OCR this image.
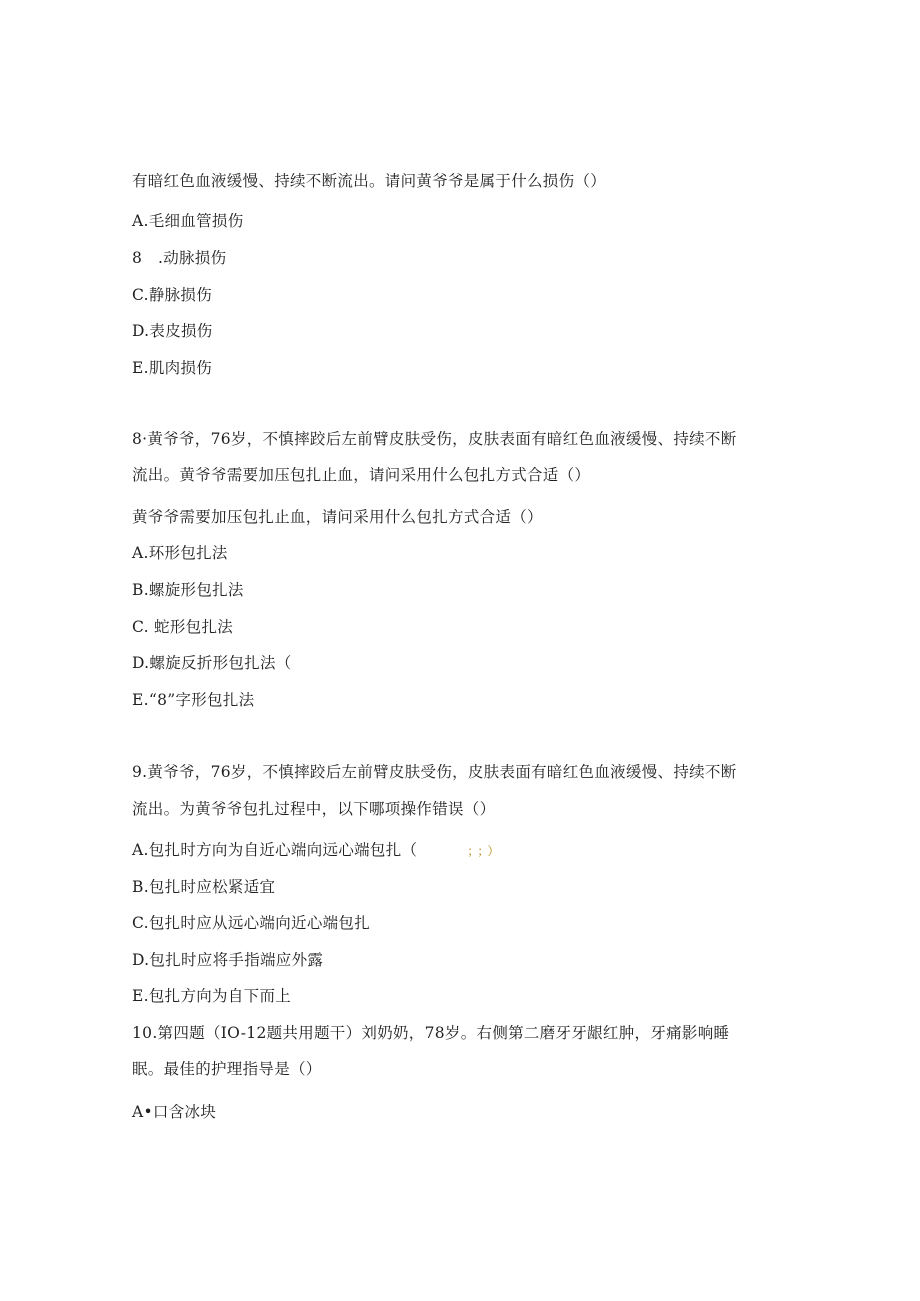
有暗红色血液缓慢、持续不断流出。请问黄爷爷是属于什么损伤（）
A.毛细血管损伤
8　.动脉损伤
C.静脉损伤
D.表皮损伤
E.肌肉损伤
8·黄爷爷，76岁，不慎摔跤后左前臂皮肤受伤，皮肤表面有暗红色血液缓慢、持续不断
流出。黄爷爷需要加压包扎止血，请问采用什么包扎方式合适（）
黄爷爷需要加压包扎止血，请问采用什么包扎方式合适（）
A.环形包扎法
B.螺旋形包扎法
C. 蛇形包扎法
D.螺旋反折形包扎法（
E.“8”字形包扎法
9.黄爷爷，76岁，不慎摔跤后左前臂皮肤受伤，皮肤表面有暗红色血液缓慢、持续不断
流出。为黄爷爷包扎过程中，以下哪项操作错误（）
A.包扎时方向为自近心端向远心端包扎（	；；）
B.包扎时应松紧适宜
C.包扎时应从远心端向近心端包扎
D.包扎时应将手指端应外露
E.包扎方向为自下而上
10.第四题（IO-12题共用题干）刘奶奶，78岁。右侧第二磨牙牙龈红肿，牙痛影响睡
眠。最佳的护理指导是（）
A•口含冰块
